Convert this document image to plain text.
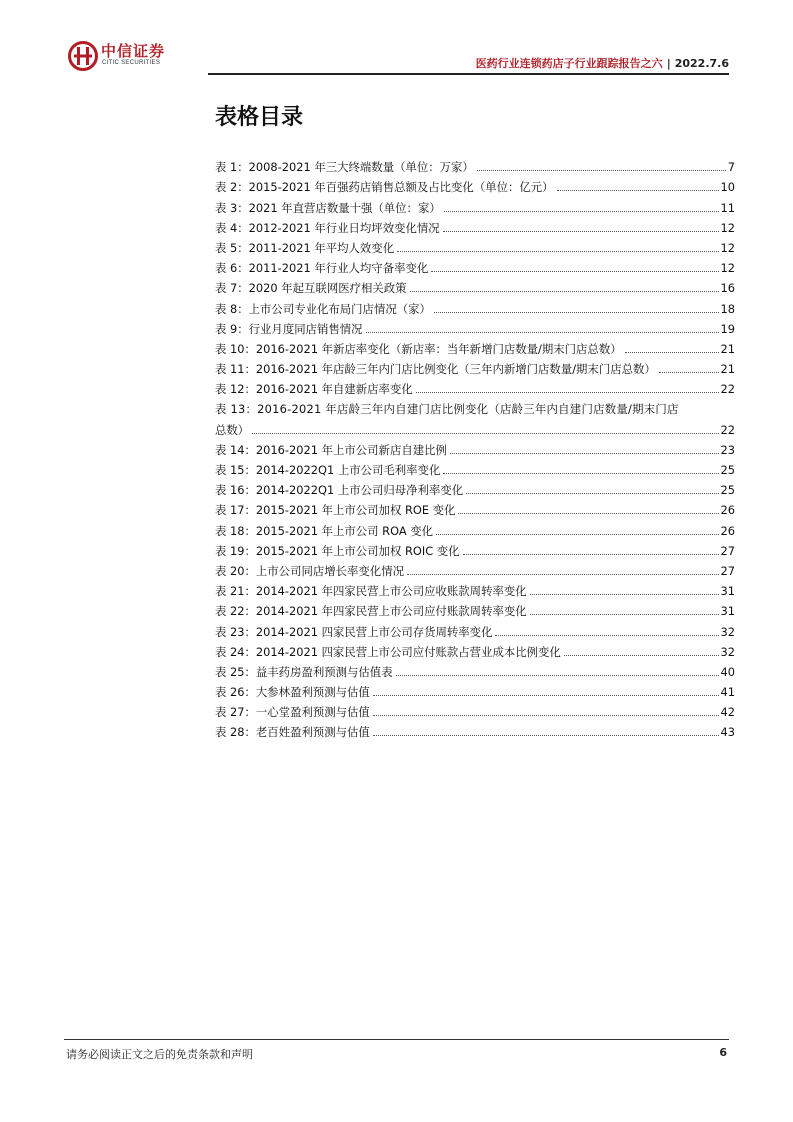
中信证券
CITIC SECURITIES	医药行业连锁药店子行业跟踪报告之六 | 2022.7.6
表格目录
表 1：2008-2021 年三大终端数量（单位：万家）	7
表 2：2015-2021 年百强药店销售总额及占比变化（单位：亿元）	10
表 3：2021 年直营店数量十强（单位：家）	11
表 4：2012-2021 年行业日均坪效变化情况	12
表 5：2011-2021 年平均人效变化	12
表 6：2011-2021 年行业人均守备率变化	12
表 7：2020 年起互联网医疗相关政策	16
表 8：上市公司专业化布局门店情况（家）	18
表 9：行业月度同店销售情况	19
表 10：2016-2021 年新店率变化（新店率：当年新增门店数量/期末门店总数）	21
表 11：2016-2021 年店龄三年内门店比例变化（三年内新增门店数量/期末门店总数）	21
表 12：2016-2021 年自建新店率变化	22
表 13：2016-2021 年店龄三年内自建门店比例变化（店龄三年内自建门店数量/期末门店
总数）	22
表 14：2016-2021 年上市公司新店自建比例	23
表 15：2014-2022Q1 上市公司毛利率变化	25
表 16：2014-2022Q1 上市公司归母净利率变化	25
表 17：2015-2021 年上市公司加权 ROE 变化	26
表 18：2015-2021 年上市公司 ROA 变化	26
表 19：2015-2021 年上市公司加权 ROIC 变化	27
表 20：上市公司同店增长率变化情况	27
表 21：2014-2021 年四家民营上市公司应收账款周转率变化	31
表 22：2014-2021 年四家民营上市公司应付账款周转率变化	31
表 23：2014-2021 四家民营上市公司存货周转率变化	32
表 24：2014-2021 四家民营上市公司应付账款占营业成本比例变化	32
表 25：益丰药房盈利预测与估值表	40
表 26：大参林盈利预测与估值	41
表 27：一心堂盈利预测与估值	42
表 28：老百姓盈利预测与估值	43
请务必阅读正文之后的免责条款和声明	6
